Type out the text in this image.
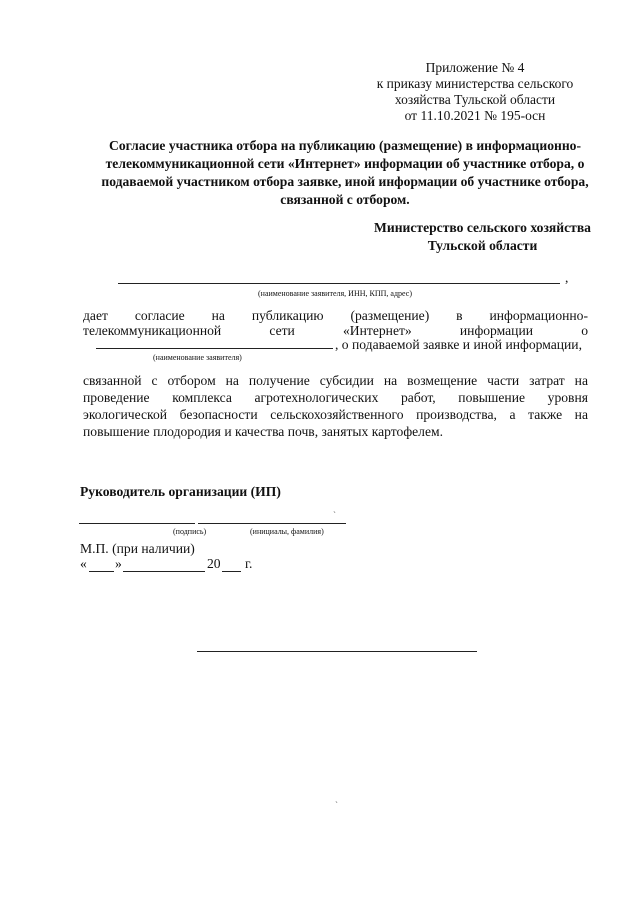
Приложение № 4
к приказу министерства сельского
хозяйства Тульской области
от 11.10.2021 № 195-осн
Согласие участника отбора на публикацию (размещение) в информационно-
телекоммуникационной сети «Интернет» информации об участнике отбора, о
подаваемой участником отбора заявке, иной информации об участнике отбора,
связанной с отбором.
Министерство сельского хозяйства
Тульской области
,
(наименование заявителя, ИНН, КПП, адрес)
дает согласие на публикацию (размещение) в информационно-
телекоммуникационной сети «Интернет» информации о
, о подаваемой заявке и иной информации,
(наименование заявителя)
связанной с отбором на получение субсидии на возмещение части затрат на
проведение комплекса агротехнологических работ, повышение уровня
экологической безопасности сельскохозяйственного производства, а также на
повышение плодородия и качества почв, занятых картофелем.
Руководитель организации (ИП)
ˋ
(подпись)	(инициалы, фамилия)
М.П. (при наличии)
« »	20 г.
ˋ
